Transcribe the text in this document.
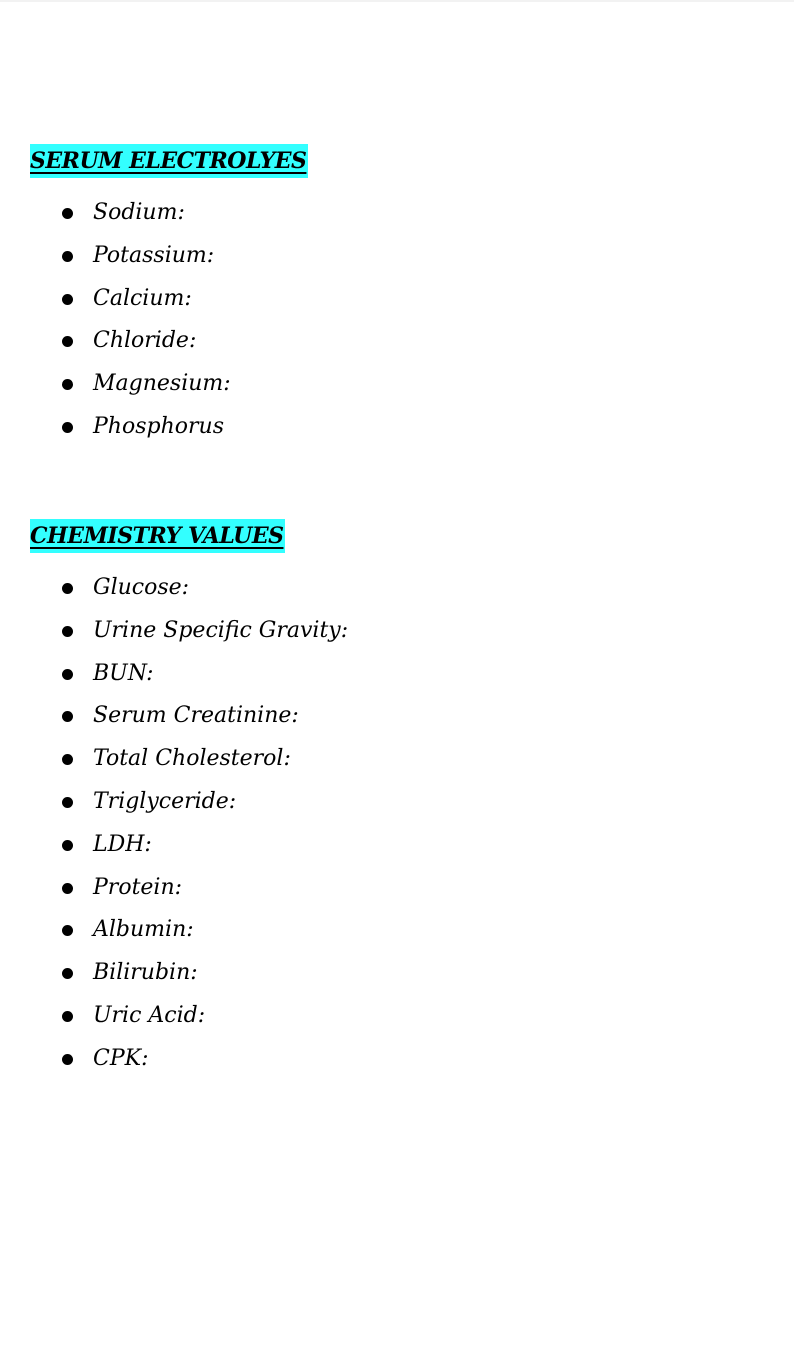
SERUM ELECTROLYES
Sodium:
Potassium:
Calcium:
Chloride:
Magnesium:
Phosphorus
CHEMISTRY VALUES
Glucose:
Urine Specific Gravity:
BUN:
Serum Creatinine:
Total Cholesterol:
Triglyceride:
LDH:
Protein:
Albumin:
Bilirubin:
Uric Acid:
CPK:
